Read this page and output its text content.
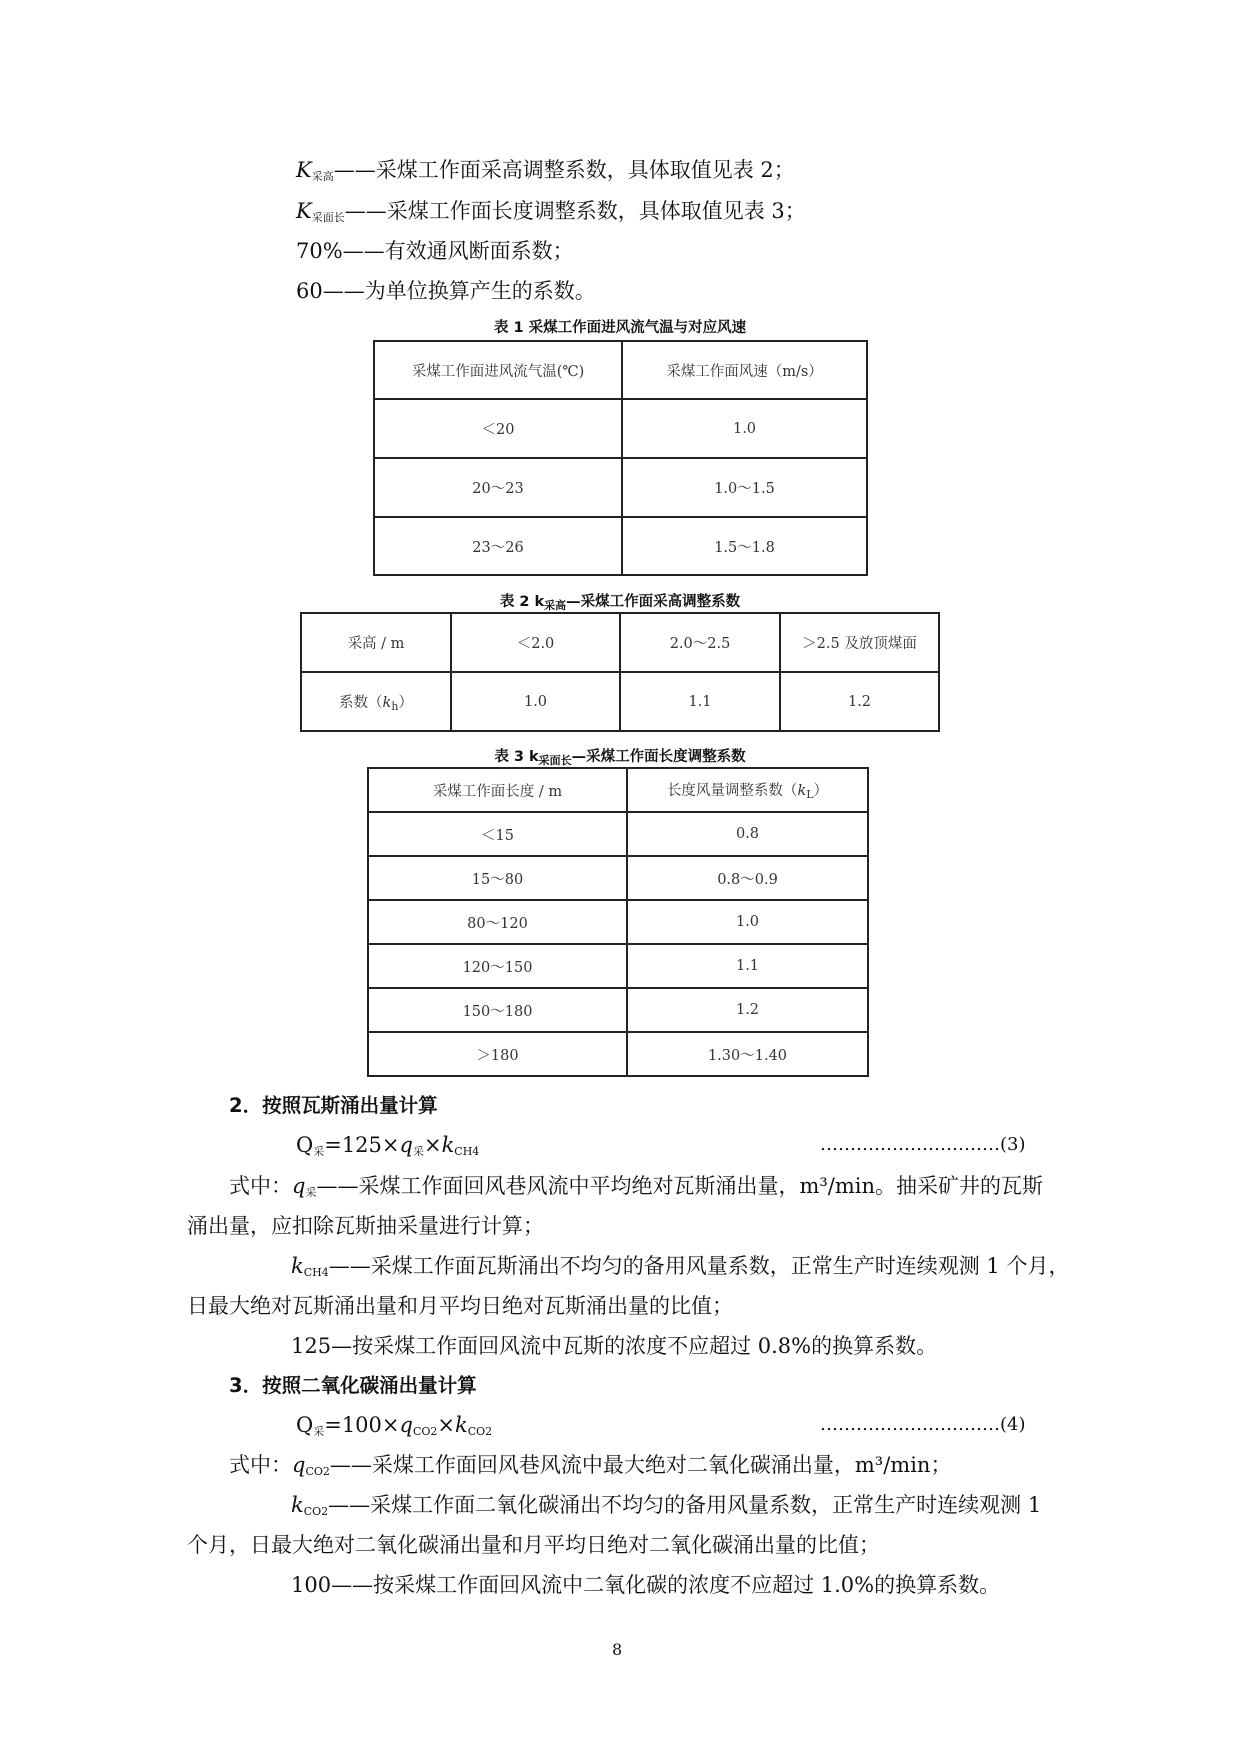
$K_{采高}——$采煤工作面采高调整系数，具体取值见表 2；
$K_{采面长}——$采煤工作面长度调整系数，具体取值见表 3；
70%——有效通风断面系数；
60——为单位换算产生的系数。
表 1 采煤工作面进风流气温与对应风速
采煤工作面进风流气温(℃)	采煤工作面风速（m/s）
＜20	1.0
20～23	1.0～1.5
23～26	1.5～1.8
表 2 $k_{采高}—$采煤工作面采高调整系数
采高 / m	＜2.0	2.0～2.5	＞2.5 及放顶煤面
系数$(k_h)$	1.0	1.1	1.2
表 3 $k_{采面长}—$采煤工作面长度调整系数
采煤工作面长度 / m	长度风量调整系数$(k_L)$
＜15	0.8
15～80	0.8～0.9
80～120	1.0
120～150	1.1
150～180	1.2
＞180	1.30～1.40
2．按照瓦斯涌出量计算
$Q_采=125\times q_采\times k_{CH4}$	…………………………(3)
式中：$q_采——$采煤工作面回风巷风流中平均绝对瓦斯涌出量，m³/min。抽采矿井的瓦斯
涌出量，应扣除瓦斯抽采量进行计算；
$k_{CH4}——$采煤工作面瓦斯涌出不均匀的备用风量系数，正常生产时连续观测 1 个月，
日最大绝对瓦斯涌出量和月平均日绝对瓦斯涌出量的比值；
125—按采煤工作面回风流中瓦斯的浓度不应超过 0.8%的换算系数。
3．按照二氧化碳涌出量计算
$Q_采=100\times q_{CO2}\times k_{CO2}$	…………………………(4)
式中：$q_{CO2}——$采煤工作面回风巷风流中最大绝对二氧化碳涌出量，m³/min；
$k_{CO2}——$采煤工作面二氧化碳涌出不均匀的备用风量系数，正常生产时连续观测 1
个月，日最大绝对二氧化碳涌出量和月平均日绝对二氧化碳涌出量的比值；
100——按采煤工作面回风流中二氧化碳的浓度不应超过 1.0%的换算系数。
8
